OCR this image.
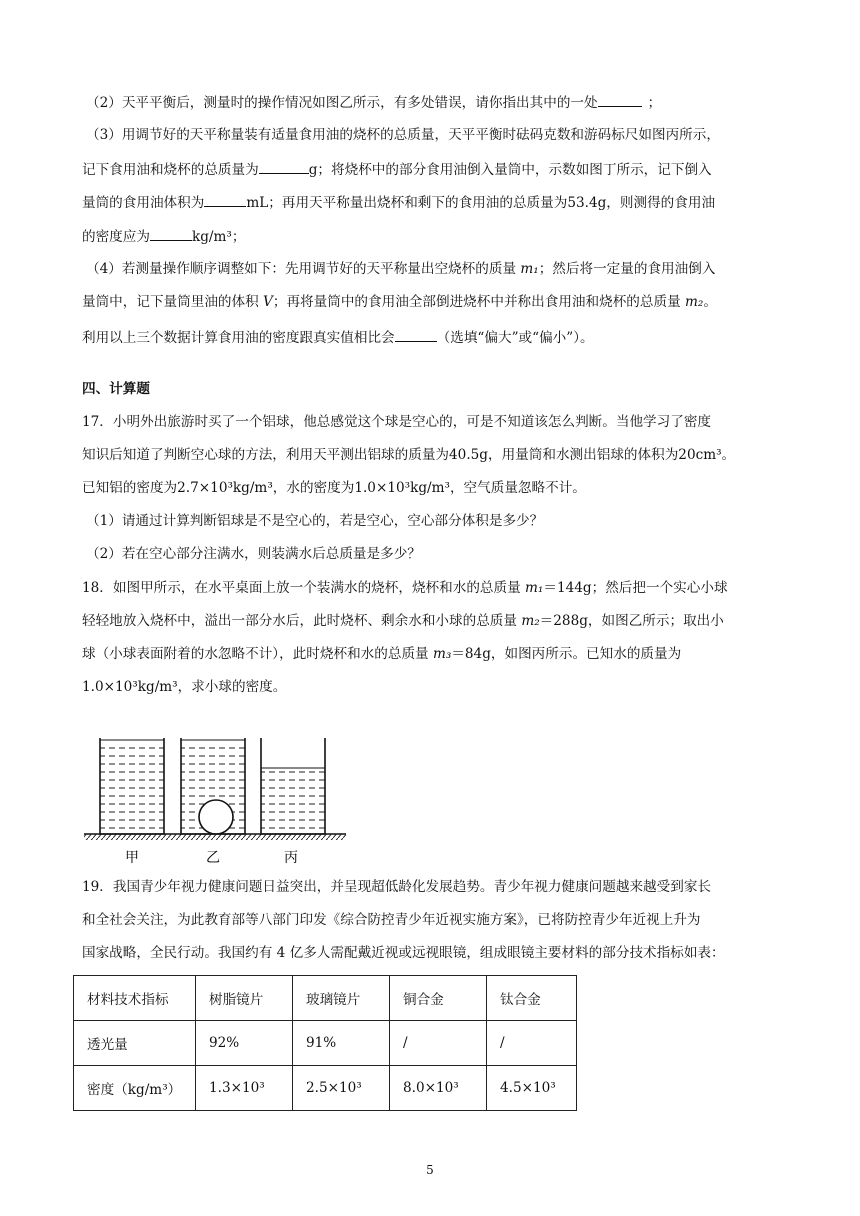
（2）天平平衡后，测量时的操作情况如图乙所示，有多处错误，请你指出其中的一处	；
（3）用调节好的天平称量装有适量食用油的烧杯的总质量，天平平衡时砝码克数和游码标尺如图丙所示，
记下食用油和烧杯的总质量为	g；将烧杯中的部分食用油倒入量筒中，示数如图丁所示，记下倒入
量筒的食用油体积为	mL；再用天平称量出烧杯和剩下的食用油的总质量为53.4g，则测得的食用油
的密度应为	kg/m³；
（4）若测量操作顺序调整如下：先用调节好的天平称量出空烧杯的质量 m₁；然后将一定量的食用油倒入
量筒中，记下量筒里油的体积 V；再将量筒中的食用油全部倒进烧杯中并称出食用油和烧杯的总质量 m₂。
利用以上三个数据计算食用油的密度跟真实值相比会	（选填“偏大”或“偏小”）。
四、计算题
17．小明外出旅游时买了一个铝球，他总感觉这个球是空心的，可是不知道该怎么判断。当他学习了密度
知识后知道了判断空心球的方法，利用天平测出铝球的质量为40.5g，用量筒和水测出铝球的体积为20cm³。
已知铝的密度为2.7×10³kg/m³，水的密度为1.0×10³kg/m³，空气质量忽略不计。
（1）请通过计算判断铝球是不是空心的，若是空心，空心部分体积是多少？
（2）若在空心部分注满水，则装满水后总质量是多少？
18．如图甲所示，在水平桌面上放一个装满水的烧杯，烧杯和水的总质量 m₁＝144g；然后把一个实心小球
轻轻地放入烧杯中，溢出一部分水后，此时烧杯、剩余水和小球的总质量 m₂＝288g，如图乙所示；取出小
球（小球表面附着的水忽略不计），此时烧杯和水的总质量 m₃＝84g，如图丙所示。已知水的质量为
1.0×10³kg/m³，求小球的密度。
甲	乙	丙
19．我国青少年视力健康问题日益突出，并呈现超低龄化发展趋势。青少年视力健康问题越来越受到家长
和全社会关注，为此教育部等八部门印发《综合防控青少年近视实施方案》，已将防控青少年近视上升为
国家战略，全民行动。我国约有 4 亿多人需配戴近视或远视眼镜，组成眼镜主要材料的部分技术指标如表：
材料技术指标	树脂镜片	玻璃镜片	铜合金	钛合金
透光量	92%	91%	/	/
密度（kg/m³）	1.3×10³	2.5×10³	8.0×10³	4.5×10³
5
